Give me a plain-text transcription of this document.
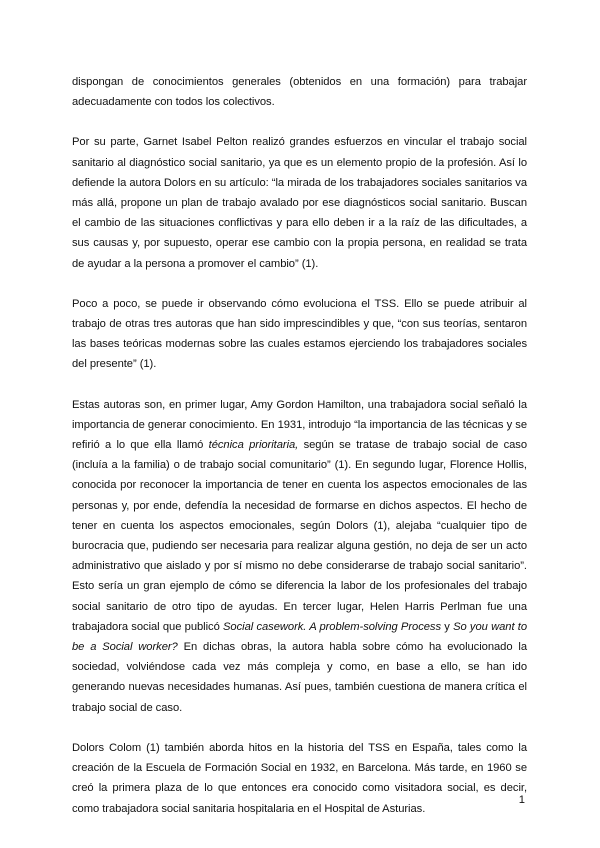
dispongan de conocimientos generales (obtenidos en una formación) para trabajar adecuadamente con todos los colectivos.

Por su parte, Garnet Isabel Pelton realizó grandes esfuerzos en vincular el trabajo social sanitario al diagnóstico social sanitario, ya que es un elemento propio de la profesión. Así lo defiende la autora Dolors en su artículo: “la mirada de los trabajadores sociales sanitarios va más allá, propone un plan de trabajo avalado por ese diagnósticos social sanitario. Buscan el cambio de las situaciones conflictivas y para ello deben ir a la raíz de las dificultades, a sus causas y, por supuesto, operar ese cambio con la propia persona, en realidad se trata de ayudar a la persona a promover el cambio” (1).

Poco a poco, se puede ir observando cómo evoluciona el TSS. Ello se puede atribuir al trabajo de otras tres autoras que han sido imprescindibles y que, “con sus teorías, sentaron las bases teóricas modernas sobre las cuales estamos ejerciendo los trabajadores sociales del presente” (1).

Estas autoras son, en primer lugar, Amy Gordon Hamilton, una trabajadora social señaló la importancia de generar conocimiento. En 1931, introdujo “la importancia de las técnicas y se refirió a lo que ella llamó técnica prioritaria, según se tratase de trabajo social de caso (incluía a la familia) o de trabajo social comunitario” (1). En segundo lugar, Florence Hollis, conocida por reconocer la importancia de tener en cuenta los aspectos emocionales de las personas y, por ende, defendía la necesidad de formarse en dichos aspectos. El hecho de tener en cuenta los aspectos emocionales, según Dolors (1), alejaba “cualquier tipo de burocracia que, pudiendo ser necesaria para realizar alguna gestión, no deja de ser un acto administrativo que aislado y por sí mismo no debe considerarse de trabajo social sanitario”. Esto sería un gran ejemplo de cómo se diferencia la labor de los profesionales del trabajo social sanitario de otro tipo de ayudas. En tercer lugar, Helen Harris Perlman fue una trabajadora social que publicó Social casework. A problem-solving Process y So you want to be a Social worker? En dichas obras, la autora habla sobre cómo ha evolucionado la sociedad, volviéndose cada vez más compleja y como, en base a ello, se han ido generando nuevas necesidades humanas. Así pues, también cuestiona de manera crítica el trabajo social de caso.

Dolors Colom (1) también aborda hitos en la historia del TSS en España, tales como la creación de la Escuela de Formación Social en 1932, en Barcelona. Más tarde, en 1960 se creó la primera plaza de lo que entonces era conocido como visitadora social, es decir, como trabajadora social sanitaria hospitalaria en el Hospital de Asturias.

1
